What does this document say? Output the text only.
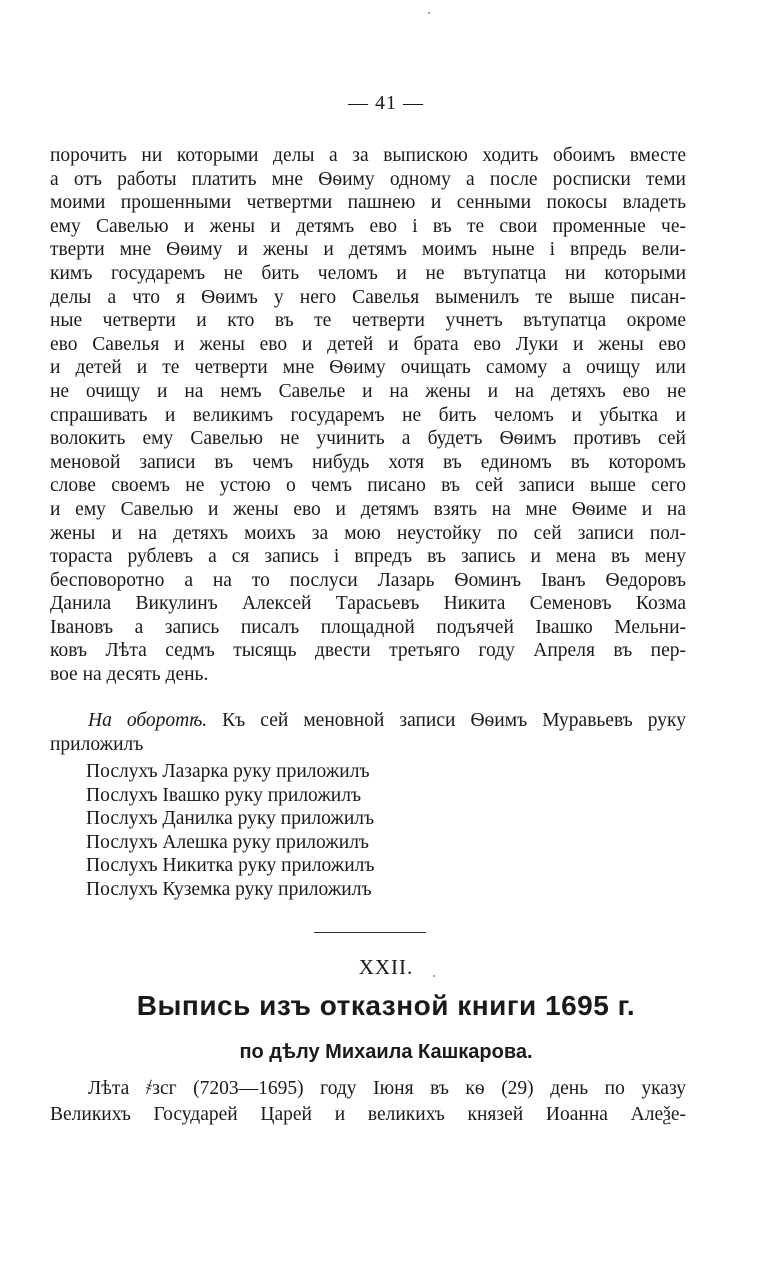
— 41 —
порочить ни которыми делы а за выпискою ходить обоимъ вместе
а отъ работы платить мне Ѳѳиму одному а после росписки теми
моими прошенными четвертми пашнею и сенными покосы владеть
ему Савелью и жены и детямъ ево і въ те свои променные че-
тверти мне Ѳѳиму и жены и детямъ моимъ ныне і впредь вели-
кимъ государемъ не бить челомъ и не вътупатца ни которыми
делы а что я Ѳѳимъ у него Савелья выменилъ те выше писан-
ные четверти и кто въ те четверти учнетъ вътупатца окроме
ево Савелья и жены ево и детей и брата ево Луки и жены ево
и детей и те четверти мне Ѳѳиму очищать самому а очищу или
не очищу и на немъ Савелье и на жены и на детяхъ ево не
спрашивать и великимъ государемъ не бить челомъ и убытка и
волокить ему Савелью не учинить а будетъ Ѳѳимъ противъ сей
меновой записи въ чемъ нибудь хотя въ единомъ въ которомъ
слове своемъ не устою о чемъ писано въ сей записи выше сего
и ему Савелью и жены ево и детямъ взять на мне Ѳѳиме и на
жены и на детяхъ моихъ за мою неустойку по сей записи пол-
тораста рублевъ а ся запись і впредъ въ запись и мена въ мену
бесповоротно а на то послуси Лазарь Ѳоминъ Іванъ Ѳедоровъ
Данила Викулинъ Алексей Тарасьевъ Никита Семеновъ Козма
Івановъ а запись писалъ площадной подъячей Івашко Мельни-
ковъ Лѣта седмъ тысящь двести третьяго году Апреля въ пер-
вое на десять день.
На оборотѣ. Къ сей меновной записи Ѳѳимъ Муравьевъ руку
приложилъ
Послухъ Лазарка руку приложилъ
Послухъ Івашко руку приложилъ
Послухъ Данилка руку приложилъ
Послухъ Алешка руку приложилъ
Послухъ Никитка руку приложилъ
Послухъ Куземка руку приложилъ
XXII.
Выпись изъ отказной книги 1695 г.
по дѣлу Михаила Кашкарова.
Лѣта ҂зсг (7203—1695) году Іюня въ кѳ (29) день по указу
Великихъ Государей Царей и великихъ князей Иоанна Алеѯе-
